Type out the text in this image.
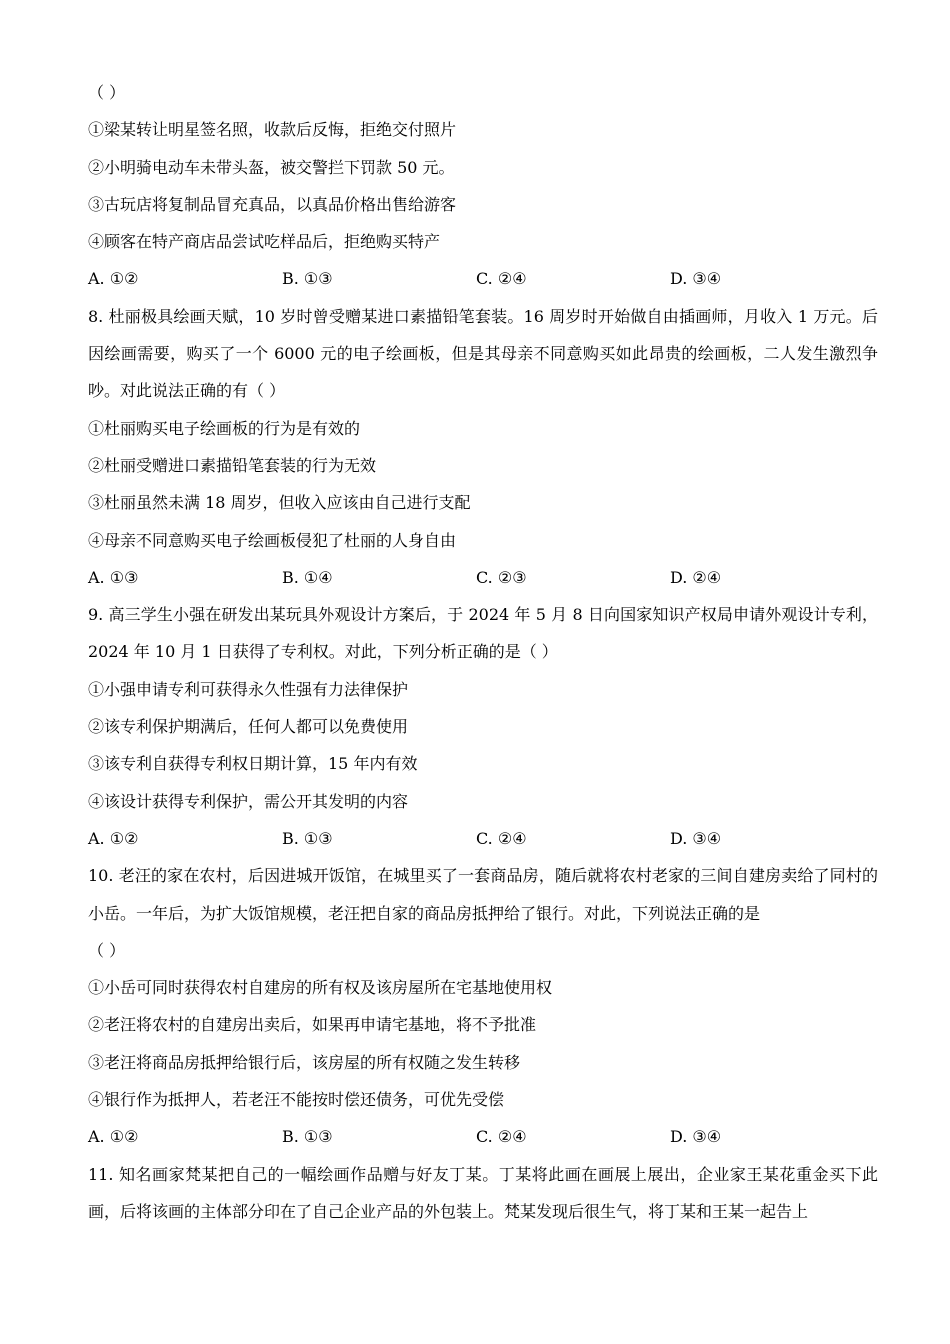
（ ）
①梁某转让明星签名照，收款后反悔，拒绝交付照片
②小明骑电动车未带头盔，被交警拦下罚款 50 元。
③古玩店将复制品冒充真品，以真品价格出售给游客
④顾客在特产商店品尝试吃样品后，拒绝购买特产
A. ①②	B. ①③	C. ②④	D. ③④
8. 杜丽极具绘画天赋，10 岁时曾受赠某进口素描铅笔套装。16 周岁时开始做自由插画师，月收入 1 万元。后因绘画需要，购买了一个 6000 元的电子绘画板，但是其母亲不同意购买如此昂贵的绘画板，二人发生激烈争吵。对此说法正确的有（ ）
①杜丽购买电子绘画板的行为是有效的
②杜丽受赠进口素描铅笔套装的行为无效
③杜丽虽然未满 18 周岁，但收入应该由自己进行支配
④母亲不同意购买电子绘画板侵犯了杜丽的人身自由
A. ①③	B. ①④	C. ②③	D. ②④
9. 高三学生小强在研发出某玩具外观设计方案后，于 2024 年 5 月 8 日向国家知识产权局申请外观设计专利，2024 年 10 月 1 日获得了专利权。对此，下列分析正确的是（ ）
①小强申请专利可获得永久性强有力法律保护
②该专利保护期满后，任何人都可以免费使用
③该专利自获得专利权日期计算，15 年内有效
④该设计获得专利保护，需公开其发明的内容
A. ①②	B. ①③	C. ②④	D. ③④
10. 老汪的家在农村，后因进城开饭馆，在城里买了一套商品房，随后就将农村老家的三间自建房卖给了同村的小岳。一年后，为扩大饭馆规模，老汪把自家的商品房抵押给了银行。对此，下列说法正确的是
（ ）
①小岳可同时获得农村自建房的所有权及该房屋所在宅基地使用权
②老汪将农村的自建房出卖后，如果再申请宅基地，将不予批准
③老汪将商品房抵押给银行后，该房屋的所有权随之发生转移
④银行作为抵押人，若老汪不能按时偿还债务，可优先受偿
A. ①②	B. ①③	C. ②④	D. ③④
11. 知名画家梵某把自己的一幅绘画作品赠与好友丁某。丁某将此画在画展上展出，企业家王某花重金买下此画，后将该画的主体部分印在了自己企业产品的外包装上。梵某发现后很生气，将丁某和王某一起告上
